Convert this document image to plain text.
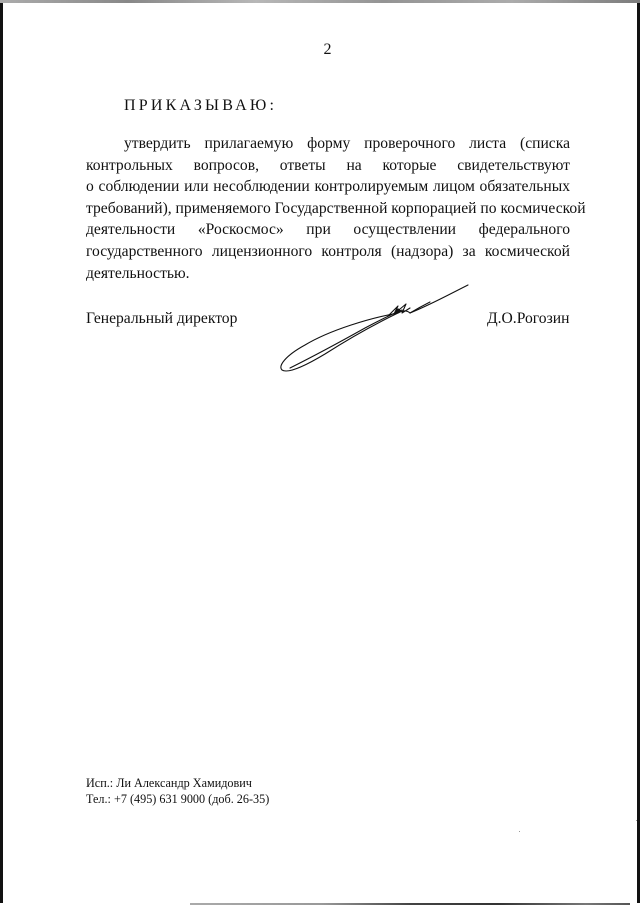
2
ПРИКАЗЫВАЮ:
утвердить прилагаемую форму проверочного листа (списка
контрольных вопросов, ответы на которые свидетельствуют
о соблюдении или несоблюдении контролируемым лицом обязательных
требований), применяемого Государственной корпорацией по космической
деятельности «Роскосмос» при осуществлении федерального
государственного лицензионного контроля (надзора) за космической
деятельностью.
Генеральный директор	Д.О.Рогозин
Исп.: Ли Александр Хамидович
Тел.: +7 (495) 631 9000 (доб. 26-35)
